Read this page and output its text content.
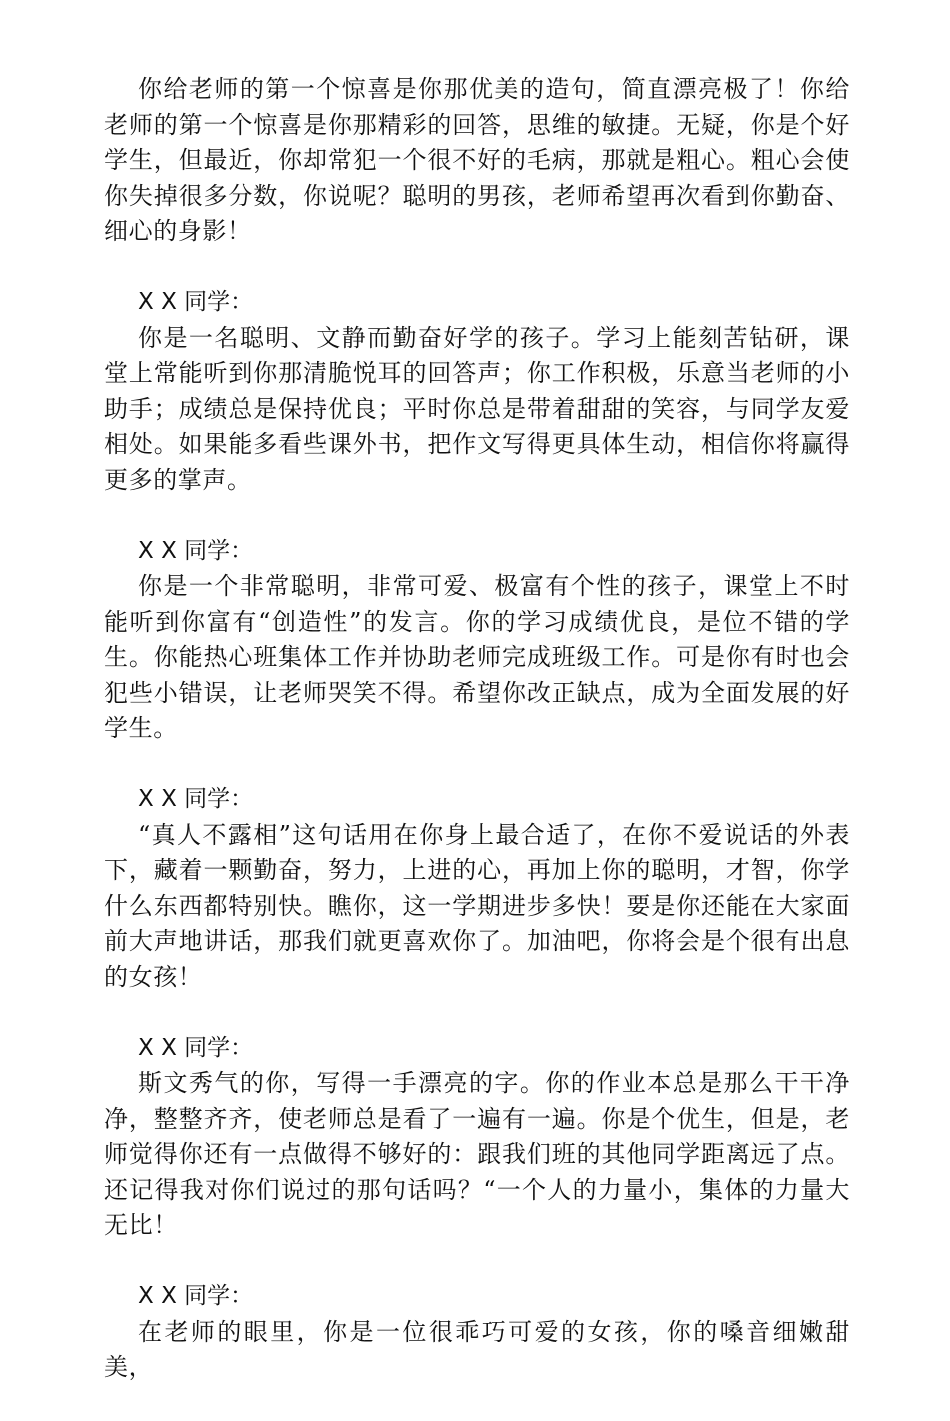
你给老师的第一个惊喜是你那优美的造句，简直漂亮极了！你给老师的第一个惊喜是你那精彩的回答，思维的敏捷。无疑，你是个好学生，但最近，你却常犯一个很不好的毛病，那就是粗心。粗心会使你失掉很多分数，你说呢？聪明的男孩，老师希望再次看到你勤奋、细心的身影！

X X 同学：

你是一名聪明、文静而勤奋好学的孩子。学习上能刻苦钻研，课堂上常能听到你那清脆悦耳的回答声；你工作积极，乐意当老师的小助手；成绩总是保持优良；平时你总是带着甜甜的笑容，与同学友爱相处。如果能多看些课外书，把作文写得更具体生动，相信你将赢得更多的掌声。

X X 同学：

你是一个非常聪明，非常可爱、极富有个性的孩子，课堂上不时能听到你富有“创造性”的发言。你的学习成绩优良，是位不错的学生。你能热心班集体工作并协助老师完成班级工作。可是你有时也会犯些小错误，让老师哭笑不得。希望你改正缺点，成为全面发展的好学生。

X X 同学：

“真人不露相”这句话用在你身上最合适了，在你不爱说话的外表下，藏着一颗勤奋，努力，上进的心，再加上你的聪明，才智，你学什么东西都特别快。瞧你，这一学期进步多快！要是你还能在大家面前大声地讲话，那我们就更喜欢你了。加油吧，你将会是个很有出息的女孩！

X X 同学：

斯文秀气的你，写得一手漂亮的字。你的作业本总是那么干干净净，整整齐齐，使老师总是看了一遍有一遍。你是个优生，但是，老师觉得你还有一点做得不够好的：跟我们班的其他同学距离远了点。还记得我对你们说过的那句话吗？“一个人的力量小，集体的力量大无比！

X X 同学：

在老师的眼里，你是一位很乖巧可爱的女孩，你的嗓音细嫩甜美，
